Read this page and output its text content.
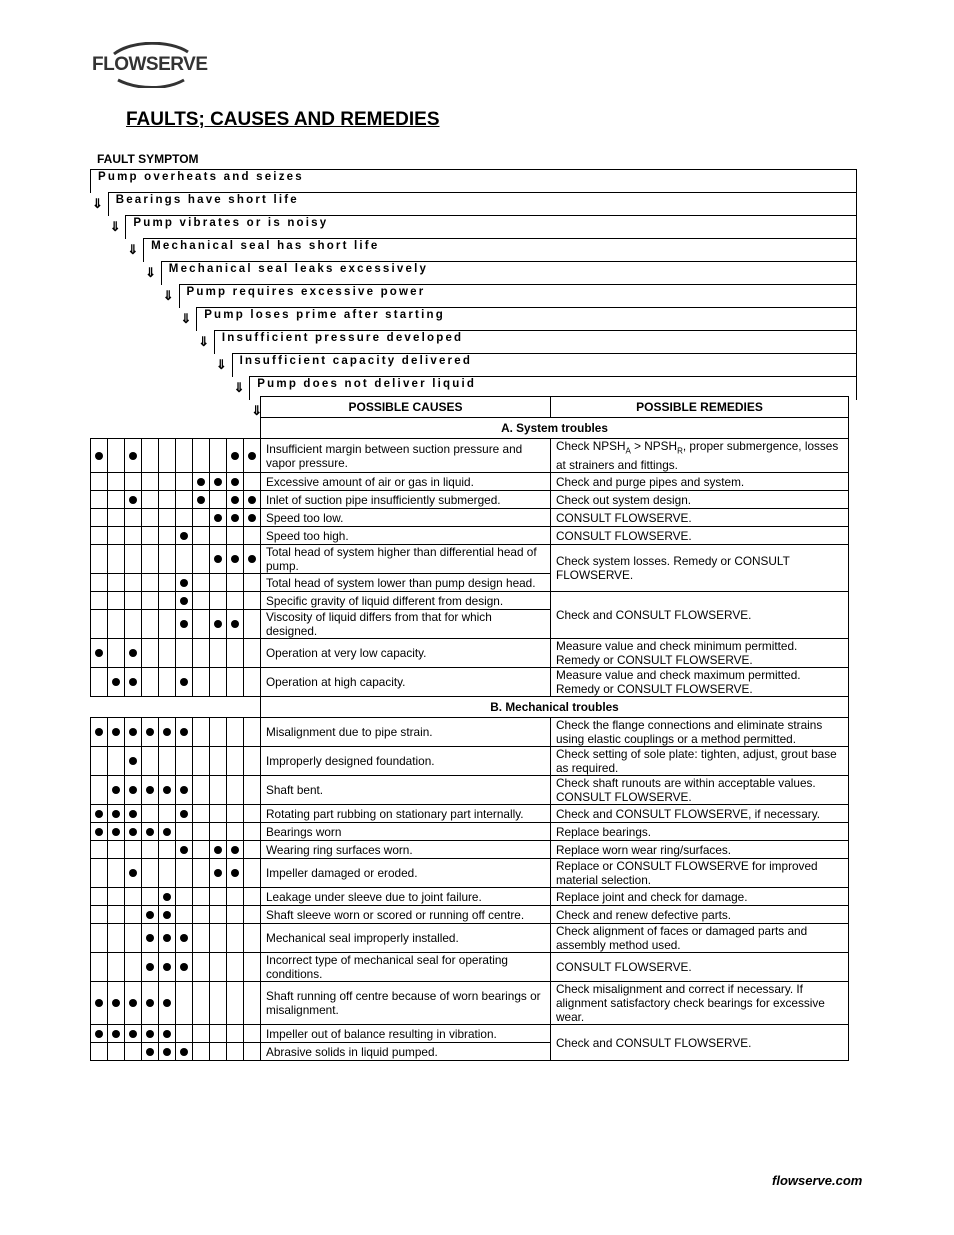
FLOWSERVE
FAULTS; CAUSES AND REMEDIES
FAULT SYMPTOM
Pump overheats and seizes
⇓ Bearings have short life
⇓ Pump vibrates or is noisy
⇓ Mechanical seal has short life
⇓ Mechanical seal leaks excessively
⇓ Pump requires excessive power
⇓ Pump loses prime after starting
⇓ Insufficient pressure developed
⇓ Insufficient capacity delivered
⇓ Pump does not deliver liquid
⇓
											POSSIBLE CAUSES	POSSIBLE REMEDIES
										A. System troubles	
										Insufficient margin between suction pressure and vapor pressure.	Check $NPSH_A$ > $NPSH_R$, proper submergence, losses at strainers and fittings.
										Excessive amount of air or gas in liquid.	Check and purge pipes and system.
										Inlet of suction pipe insufficiently submerged.	Check out system design.
										Speed too low.	CONSULT FLOWSERVE.
										Speed too high.	CONSULT FLOWSERVE.
										Total head of system higher than differential head of pump.	Check system losses. Remedy or CONSULT FLOWSERVE.
										Total head of system lower than pump design head.	
										Specific gravity of liquid different from design.	Check and CONSULT FLOWSERVE.
										Viscosity of liquid differs from that for which designed.	
										Operation at very low capacity.	Measure value and check minimum permitted. Remedy or CONSULT FLOWSERVE.
										Operation at high capacity.	Measure value and check maximum permitted. Remedy or CONSULT FLOWSERVE.
										B. Mechanical troubles	
										Misalignment due to pipe strain.	Check the flange connections and eliminate strains using elastic couplings or a method permitted.
										Improperly designed foundation.	Check setting of sole plate: tighten, adjust, grout base as required.
										Shaft bent.	Check shaft runouts are within acceptable values. CONSULT FLOWSERVE.
										Rotating part rubbing on stationary part internally.	Check and CONSULT FLOWSERVE, if necessary.
										Bearings worn	Replace bearings.
										Wearing ring surfaces worn.	Replace worn wear ring/surfaces.
										Impeller damaged or eroded.	Replace or CONSULT FLOWSERVE for improved material selection.
										Leakage under sleeve due to joint failure.	Replace joint and check for damage.
										Shaft sleeve worn or scored or running off centre.	Check and renew defective parts.
										Mechanical seal improperly installed.	Check alignment of faces or damaged parts and assembly method used.
										Incorrect type of mechanical seal for operating conditions.	CONSULT FLOWSERVE.
										Shaft running off centre because of worn bearings or misalignment.	Check misalignment and correct if necessary. If alignment satisfactory check bearings for excessive wear.
										Impeller out of balance resulting in vibration.	Check and CONSULT FLOWSERVE.
										Abrasive solids in liquid pumped.	
flowserve.com
